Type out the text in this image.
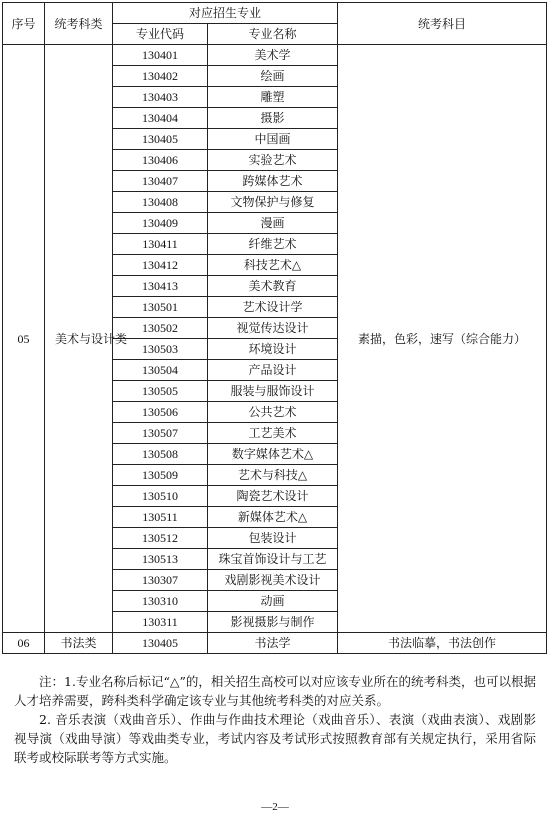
序号	统考科类	对应招生专业		统考科目
		专业代码	专业名称	
05	美术与设计类	130401	美术学	素描，色彩，速写（综合能力）
		130402	绘画	
		130403	雕塑	
		130404	摄影	
		130405	中国画	
		130406	实验艺术	
		130407	跨媒体艺术	
		130408	文物保护与修复	
		130409	漫画	
		130411	纤维艺术	
		130412	科技艺术△	
		130413	美术教育	
		130501	艺术设计学	
		130502	视觉传达设计	
		130503	环境设计	
		130504	产品设计	
		130505	服装与服饰设计	
		130506	公共艺术	
		130507	工艺美术	
		130508	数字媒体艺术△	
		130509	艺术与科技△	
		130510	陶瓷艺术设计	
		130511	新媒体艺术△	
		130512	包装设计	
		130513	珠宝首饰设计与工艺	
		130307	戏剧影视美术设计	
		130310	动画	
		130311	影视摄影与制作	
06	书法类	130405	书法学	书法临摹，书法创作

注：1.专业名称后标记“△”的，相关招生高校可以对应该专业所在的统考科类，也可以根据人才培养需要，跨科类科学确定该专业与其他统考科类的对应关系。

2. 音乐表演（戏曲音乐）、作曲与作曲技术理论（戏曲音乐）、表演（戏曲表演）、戏剧影视导演（戏曲导演）等戏曲类专业，考试内容及考试形式按照教育部有关规定执行，采用省际联考或校际联考等方式实施。

—2—
